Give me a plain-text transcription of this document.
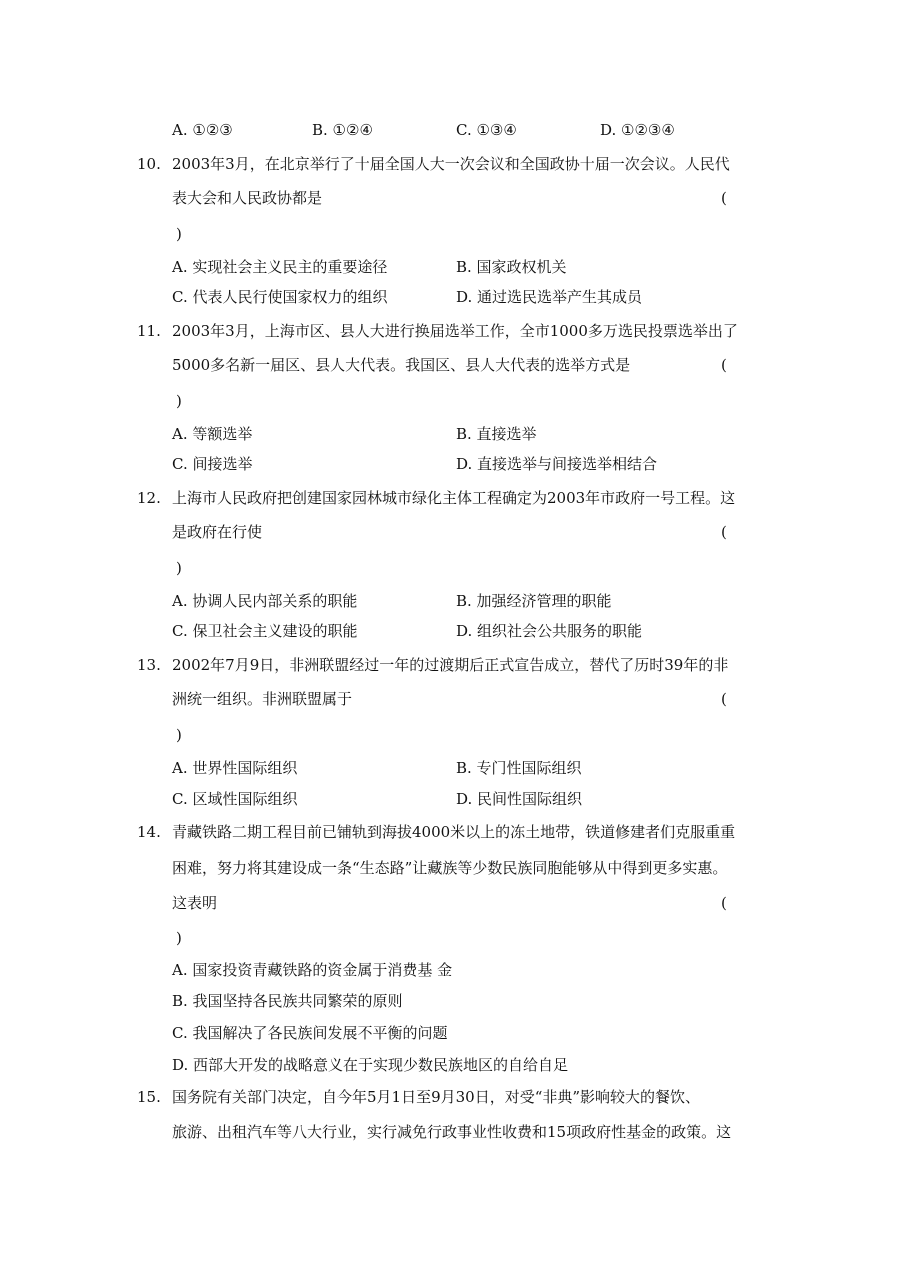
A. ①②③	B. ①②④	C. ①③④	D. ①②③④
10. 2003年3月，在北京举行了十届全国人大一次会议和全国政协十届一次会议。人民代
表大会和人民政协都是	(
)
A. 实现社会主义民主的重要途径	B. 国家政权机关
C. 代表人民行使国家权力的组织	D. 通过选民选举产生其成员
11. 2003年3月，上海市区、县人大进行换届选举工作，全市1000多万选民投票选举出了
5000多名新一届区、县人大代表。我国区、县人大代表的选举方式是	(
)
A. 等额选举	B. 直接选举
C. 间接选举	D. 直接选举与间接选举相结合
12. 上海市人民政府把创建国家园林城市绿化主体工程确定为2003年市政府一号工程。这
是政府在行使	(
)
A. 协调人民内部关系的职能	B. 加强经济管理的职能
C. 保卫社会主义建设的职能	D. 组织社会公共服务的职能
13. 2002年7月9日，非洲联盟经过一年的过渡期后正式宣告成立，替代了历时39年的非
洲统一组织。非洲联盟属于	(
)
A. 世界性国际组织	B. 专门性国际组织
C. 区域性国际组织	D. 民间性国际组织
14. 青藏铁路二期工程目前已铺轨到海拔4000米以上的冻土地带，铁道修建者们克服重重
困难，努力将其建设成一条“生态路”让藏族等少数民族同胞能够从中得到更多实惠。
这表明	(
)
A. 国家投资青藏铁路的资金属于消费基 金
B. 我国坚持各民族共同繁荣的原则
C. 我国解决了各民族间发展不平衡的问题
D. 西部大开发的战略意义在于实现少数民族地区的自给自足
15. 国务院有关部门决定，自今年5月1日至9月30日，对受“非典”影响较大的餐饮、
旅游、出租汽车等八大行业，实行减免行政事业性收费和15项政府性基金的政策。这
